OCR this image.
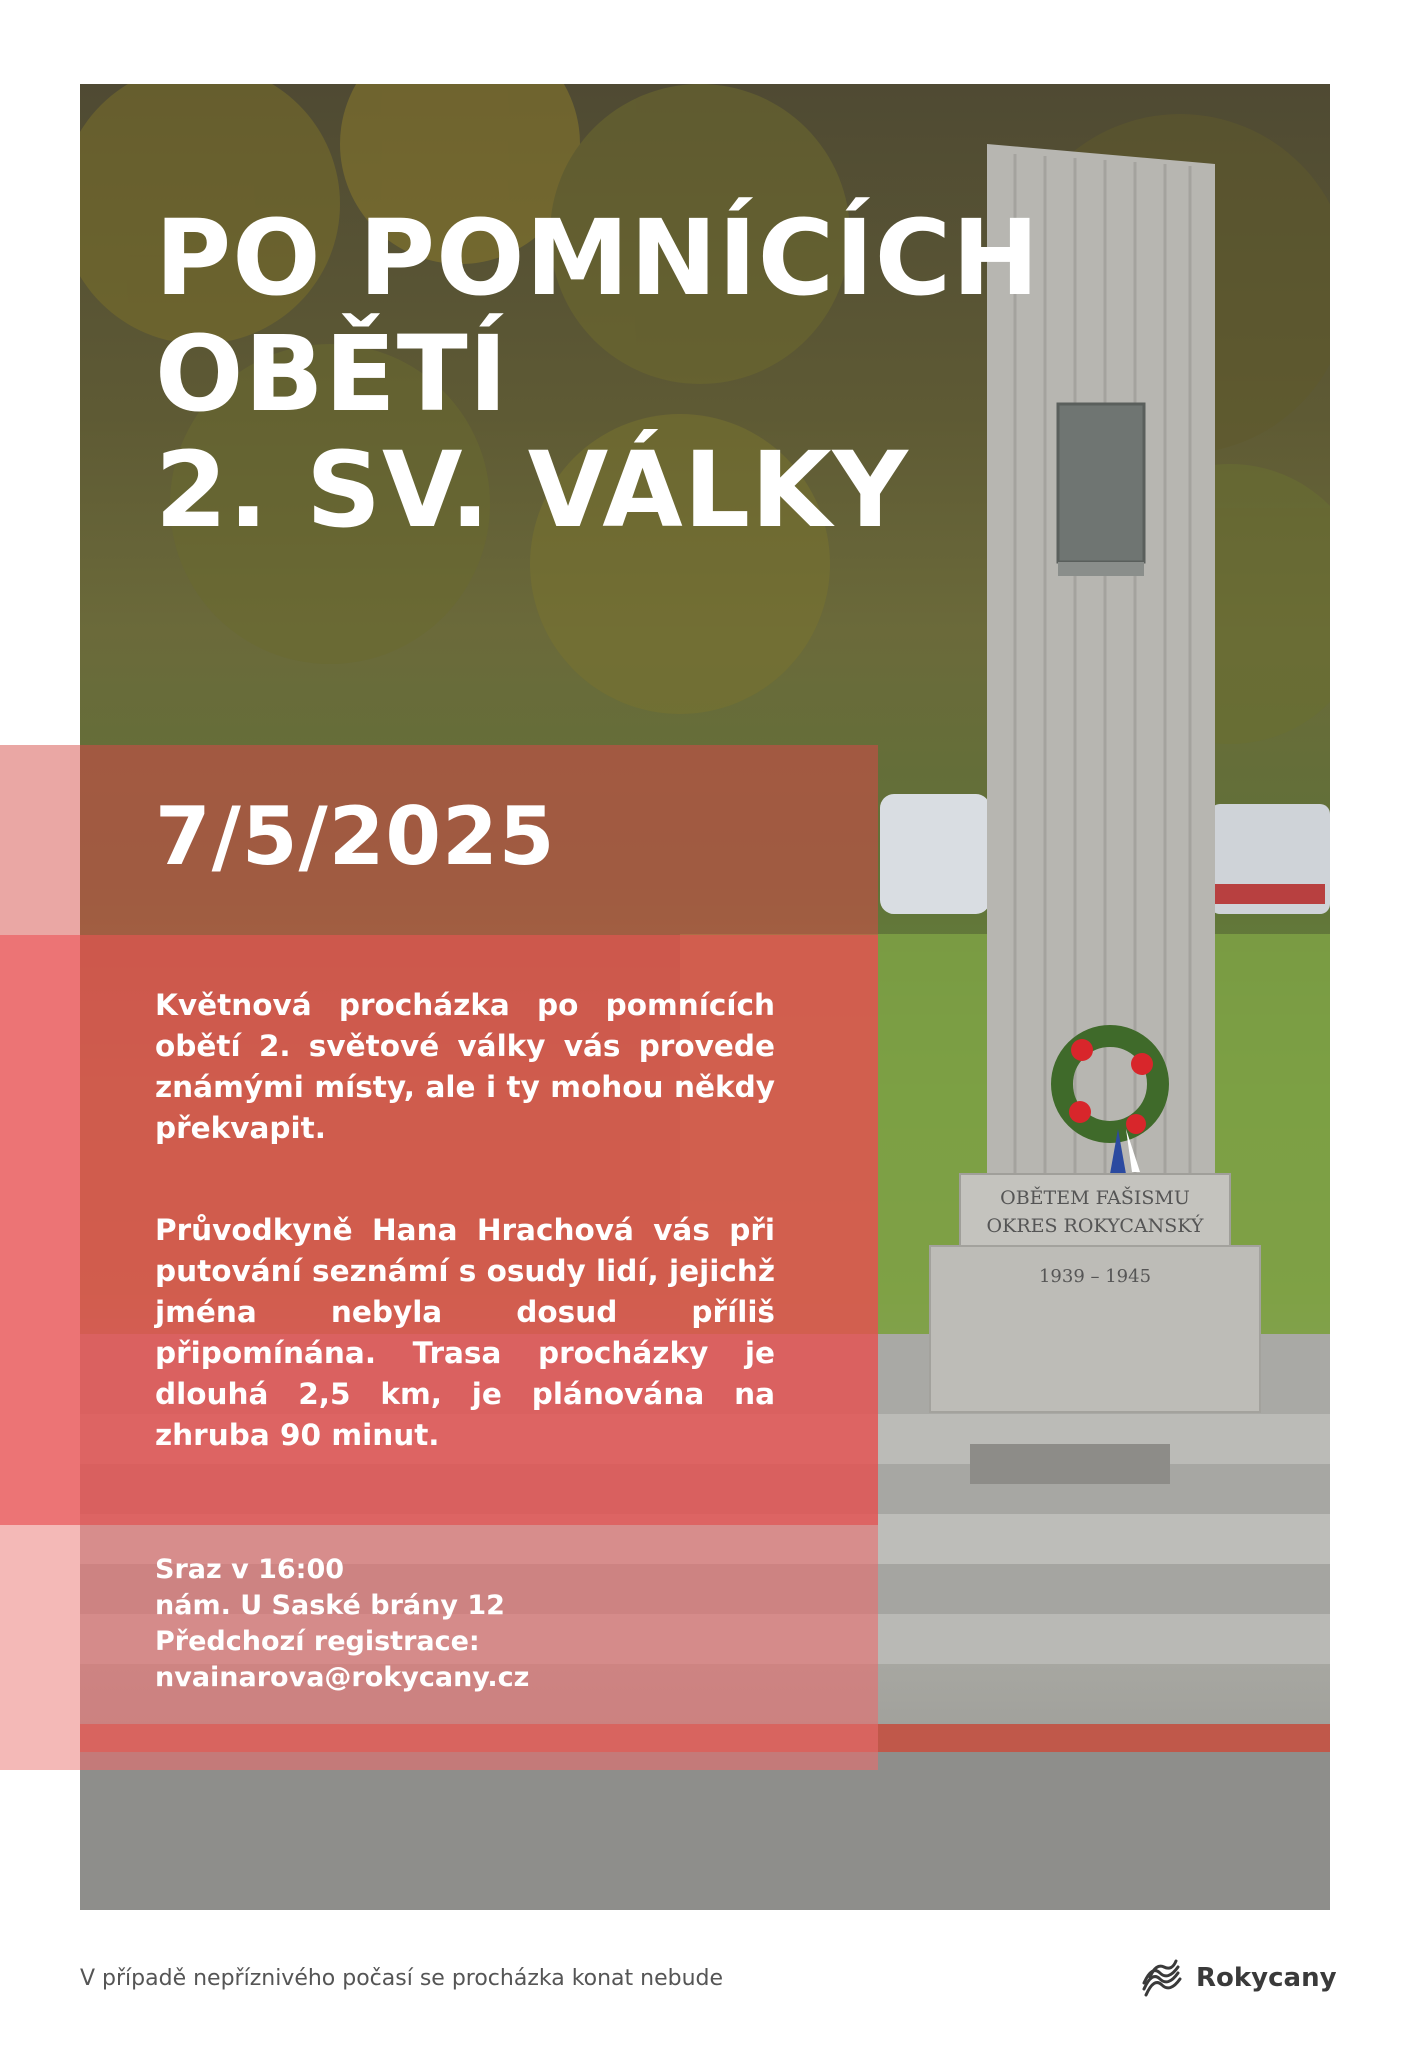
OBĚTEM FAŠISMU
OKRES ROKYCANSKÝ
1939 – 1945
PO POMNÍCÍCH
OBĚTÍ
2. SV. VÁLKY
7/5/2025

Květnová procházka po pomnících obětí 2. světové války vás provede známými místy, ale i ty mohou někdy překvapit.

Průvodkyně Hana Hrachová vás při putování seznámí s osudy lidí, jejichž jména nebyla dosud příliš připomínána. Trasa procházky je dlouhá 2,5 km, je plánována na zhruba 90 minut.

Sraz v 16:00
nám. U Saské brány 12
Předchozí registrace:
nvainarova@rokycany.cz
V případě nepříznivého počasí se procházka konat nebude	Rokycany
